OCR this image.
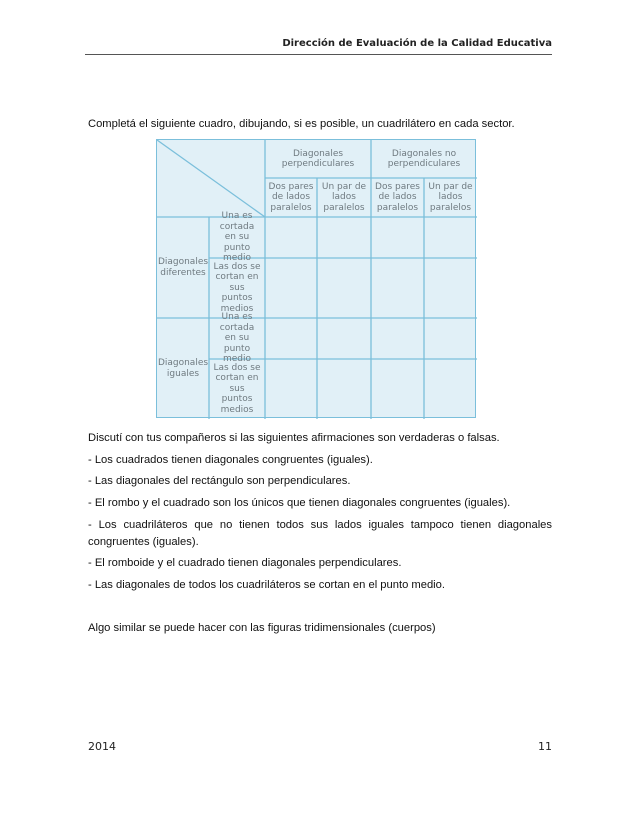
Dirección de Evaluación de la Calidad Educativa
Completá el siguiente cuadro, dibujando, si es posible, un cuadrilátero en cada sector.
Diagonales perpendiculares
Diagonales no perpendiculares
Dos pares de lados paralelos
Un par de lados paralelos
Dos pares de lados paralelos
Un par de lados paralelos
Diagonales diferentes
Diagonales iguales
Una es cortada en su punto medio
Las dos se cortan en sus puntos medios
Una es cortada en su punto medio
Las dos se cortan en sus puntos medios
Discutí con tus compañeros si las siguientes afirmaciones son verdaderas o falsas.
- Los cuadrados tienen diagonales congruentes (iguales).
- Las diagonales del rectángulo son perpendiculares.
- El rombo y el cuadrado son los únicos que tienen diagonales congruentes (iguales).
- Los cuadriláteros que no tienen todos sus lados iguales tampoco tienen diagonales congruentes (iguales).
- El romboide y el cuadrado tienen diagonales perpendiculares.
- Las diagonales de todos los cuadriláteros se cortan en el punto medio.
Algo similar se puede hacer con las figuras tridimensionales (cuerpos)
2014	11
